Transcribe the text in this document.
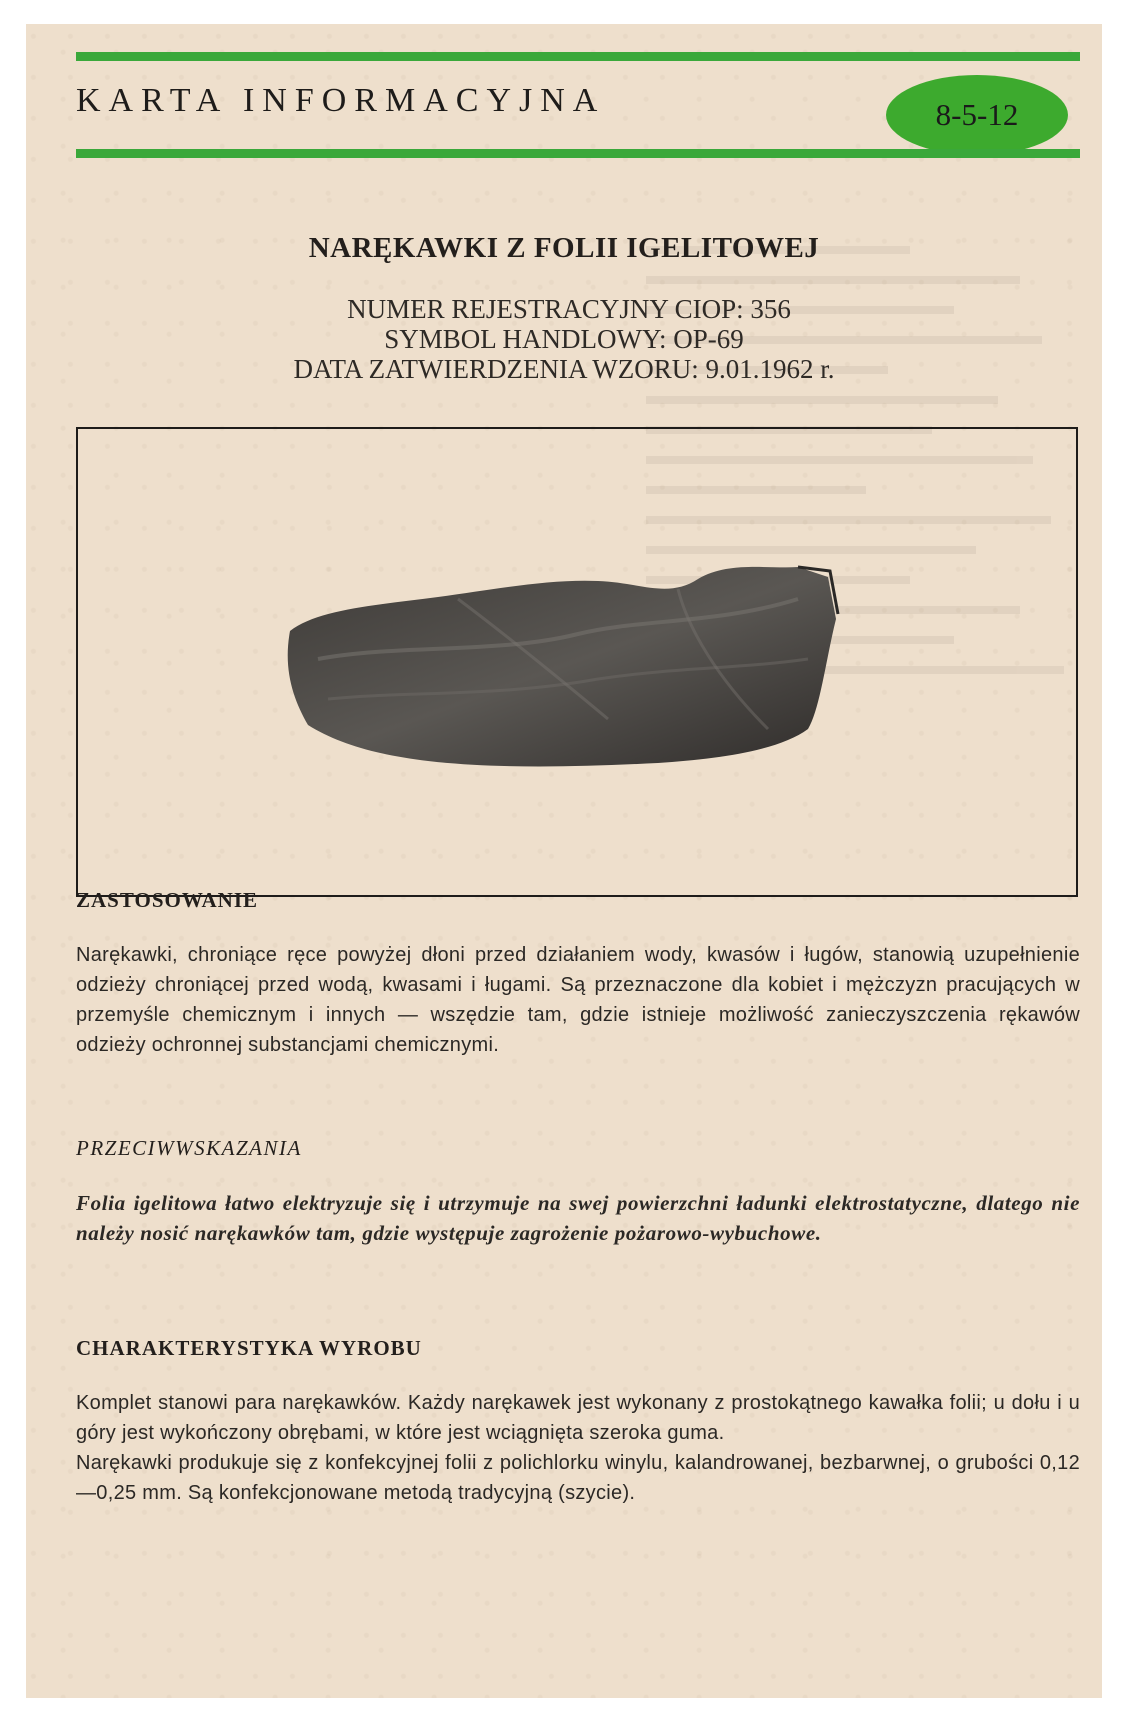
KARTA INFORMACYJNA	8-5-12
NARĘKAWKI Z FOLII IGELITOWEJ
NUMER REJESTRACYJNY CIOP: 356
SYMBOL HANDLOWY: OP-69
DATA ZATWIERDZENIA WZORU: 9.01.1962 r.
ZASTOSOWANIE

Narękawki, chroniące ręce powyżej dłoni przed działaniem wody, kwasów i ługów, stanowią uzupełnienie odzieży chroniącej przed wodą, kwasami i ługami. Są przeznaczone dla kobiet i mężczyzn pracujących w przemyśle chemicznym i innych — wszędzie tam, gdzie istnieje możliwość zanieczyszczenia rękawów odzieży ochronnej substancjami chemicznymi.

PRZECIWWSKAZANIA

Folia igelitowa łatwo elektryzuje się i utrzymuje na swej powierzchni ładunki elektrostatyczne, dlatego nie należy nosić narękawków tam, gdzie występuje zagrożenie pożarowo-wybuchowe.

CHARAKTERYSTYKA WYROBU

Komplet stanowi para narękawków. Każdy narękawek jest wykonany z prostokątnego kawałka folii; u dołu i u góry jest wykończony obrębami, w które jest wciągnięta szeroka guma.

Narękawki produkuje się z konfekcyjnej folii z polichlorku winylu, kalandrowanej, bezbarwnej, o grubości 0,12—0,25 mm. Są konfekcjonowane metodą tradycyjną (szycie).
